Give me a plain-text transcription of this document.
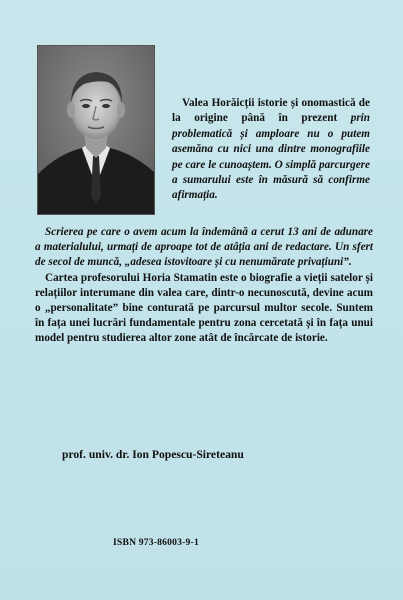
Valea Horăicții istorie și onomastică de la origine până în prezent prin problematică și amploare nu o putem asemăna cu nici una dintre monografiile pe care le cunoaștem. O simplă parcurgere a sumarului este în măsură să confirme afirmația.

Scrierea pe care o avem acum la îndemână a cerut 13 ani de adunare a materialului, urmați de aproape tot de atâția ani de redactare. Un sfert de secol de muncă, „adesea istovitoare și cu nenumărate privațiuni”.

Cartea profesorului Horia Stamatin este o biografie a vieții satelor și relațiilor interumane din valea care, dintr-o necunoscută, devine acum o „personalitate” bine conturată pe parcursul multor secole. Suntem în fața unei lucrări fundamentale pentru zona cercetată și în fața unui model pentru studierea altor zone atât de încărcate de istorie.

prof. univ. dr. Ion Popescu-Sireteanu
ISBN 973-86003-9-1
